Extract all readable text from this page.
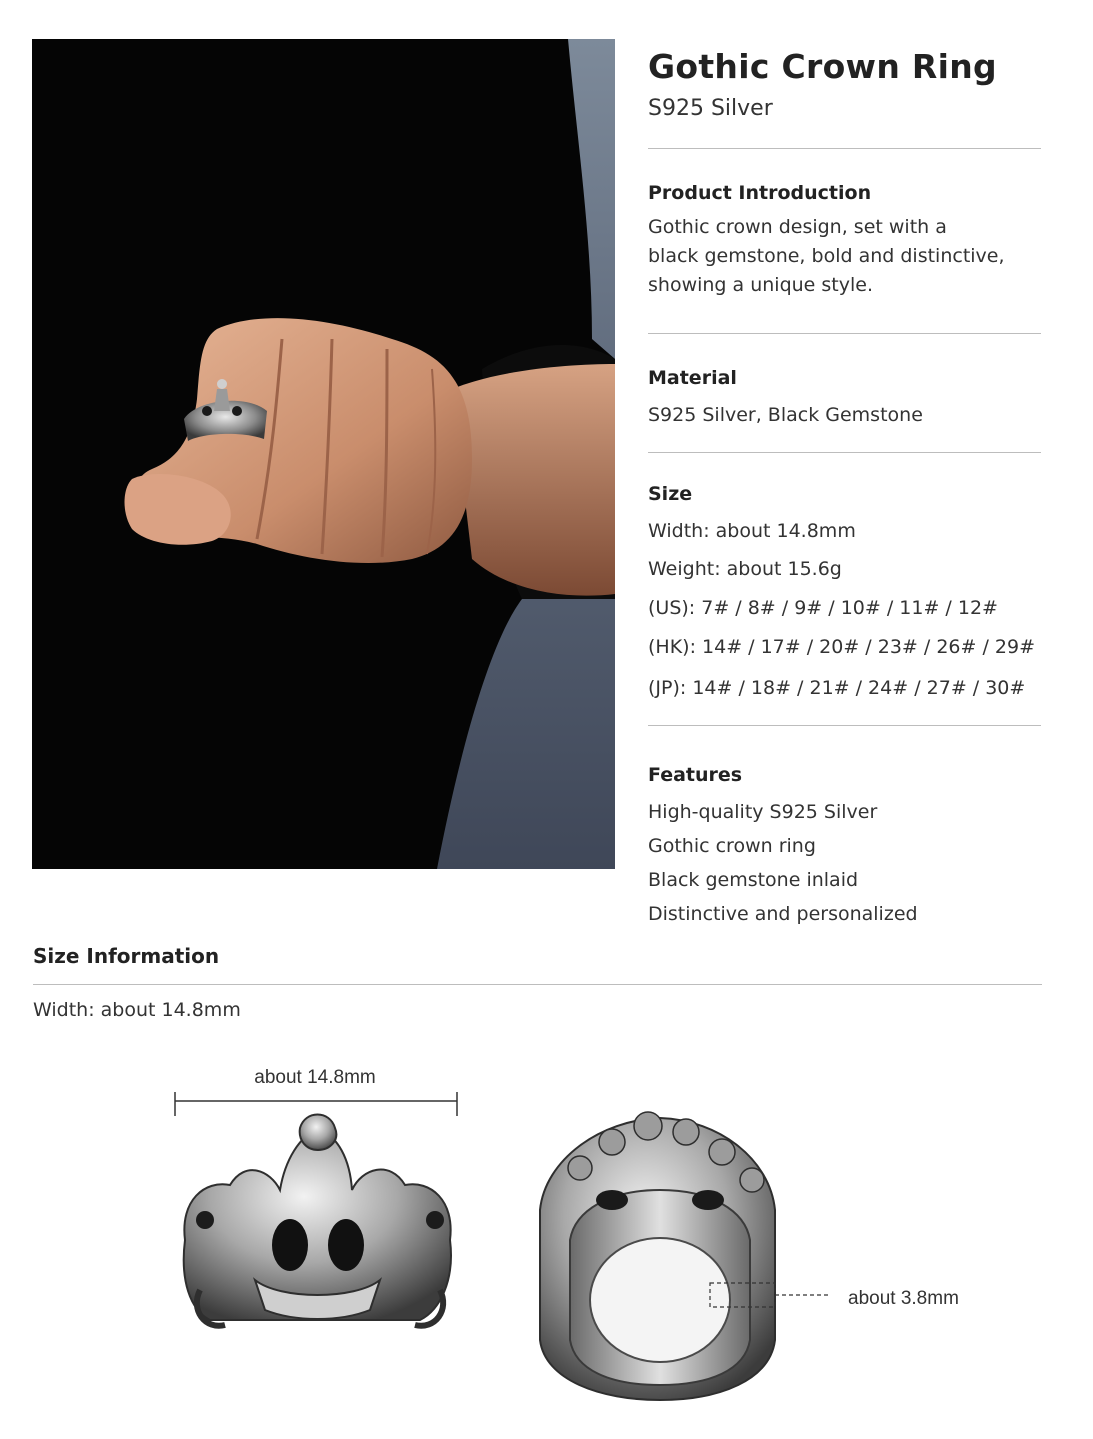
Gothic Crown Ring
S925 Silver
Product Introduction
Gothic crown design, set with a
black gemstone, bold and distinctive,
showing a unique style.
Material
S925 Silver, Black Gemstone
Size
Width: about 14.8mm
Weight: about 15.6g
(US): 7# / 8# / 9# / 10# / 11# / 12#
(HK): 14# / 17# / 20# / 23# / 26# / 29#
(JP): 14# / 18# / 21# / 24# / 27# / 30#
Features
High-quality S925 Silver
Gothic crown ring
Black gemstone inlaid
Distinctive and personalized
Size Information
Width: about 14.8mm
about 14.8mm
about 3.8mm
